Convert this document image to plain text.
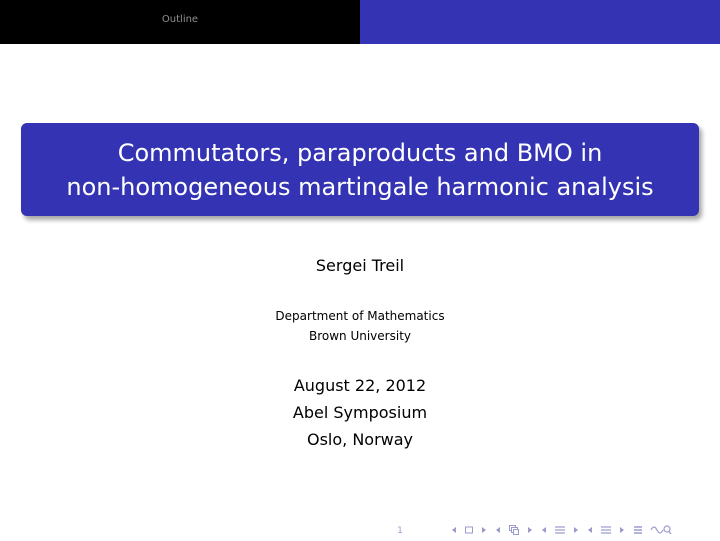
Outline
Commutators, paraproducts and BMO in
non-homogeneous martingale harmonic analysis
Sergei Treil
Department of Mathematics
Brown University
August 22, 2012
Abel Symposium
Oslo, Norway
1
